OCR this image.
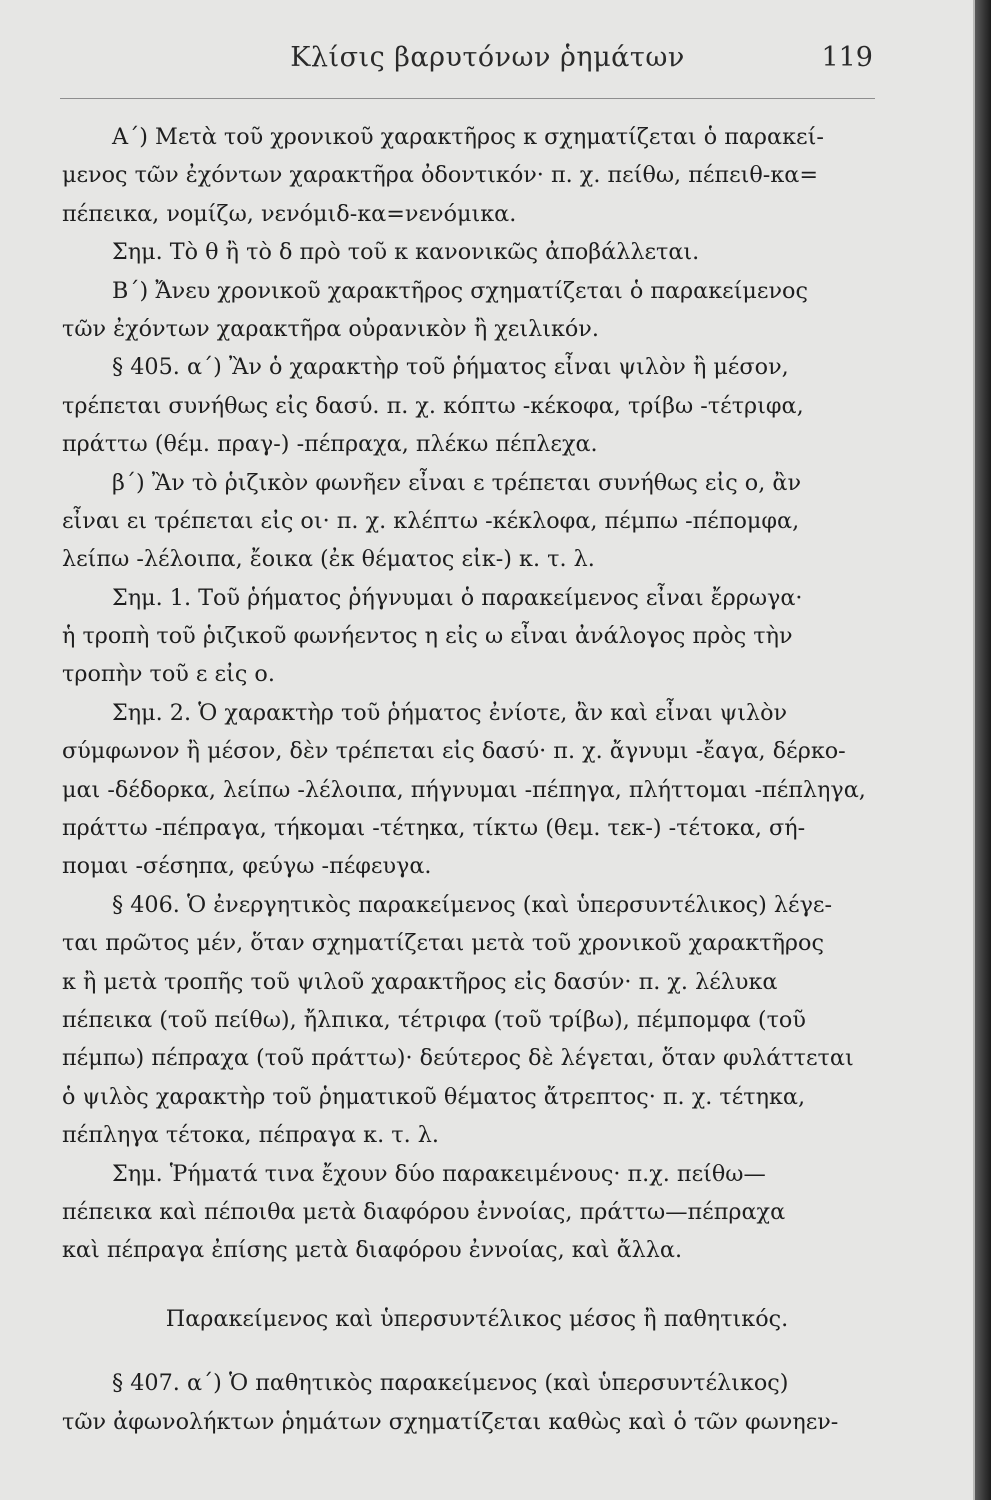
Κλίσις βαρυτόνων ῥημάτων	119
Α΄) Μετὰ τοῦ χρονικοῦ χαρακτῆρος κ σχηματίζεται ὁ παρακεί-
μενος τῶν ἐχόντων χαρακτῆρα ὀδοντικόν· π. χ. πείθω, πέπειθ-κα=
πέπεικα, νομίζω, νενόμιδ-κα=νενόμικα.
Σημ. Τὸ θ ἢ τὸ δ πρὸ τοῦ κ κανονικῶς ἀποβάλλεται.
Β΄) Ἄνευ χρονικοῦ χαρακτῆρος σχηματίζεται ὁ παρακείμενος
τῶν ἐχόντων χαρακτῆρα οὐρανικὸν ἢ χειλικόν.
§ 405. α΄) Ἂν ὁ χαρακτὴρ τοῦ ῥήματος εἶναι ψιλὸν ἢ μέσον,
τρέπεται συνήθως εἰς δασύ. π. χ. κόπτω -κέκοφα, τρίβω -τέτριφα,
πράττω (θέμ. πραγ-) -πέπραχα, πλέκω πέπλεχα.
β΄) Ἂν τὸ ῥιζικὸν φωνῆεν εἶναι ε τρέπεται συνήθως εἰς ο, ἂν
εἶναι ει τρέπεται εἰς οι· π. χ. κλέπτω -κέκλοφα, πέμπω -πέπομφα,
λείπω -λέλοιπα, ἔοικα (ἐκ θέματος εἰκ-) κ. τ. λ.
Σημ. 1. Τοῦ ῥήματος ῥήγνυμαι ὁ παρακείμενος εἶναι ἔρρωγα·
ἡ τροπὴ τοῦ ῥιζικοῦ φωνήεντος η εἰς ω εἶναι ἀνάλογος πρὸς τὴν
τροπὴν τοῦ ε εἰς ο.
Σημ. 2. Ὁ χαρακτὴρ τοῦ ῥήματος ἐνίοτε, ἂν καὶ εἶναι ψιλὸν
σύμφωνον ἢ μέσον, δὲν τρέπεται εἰς δασύ· π. χ. ἄγνυμι -ἔαγα, δέρκο-
μαι -δέδορκα, λείπω -λέλοιπα, πήγνυμαι -πέπηγα, πλήττομαι -πέπληγα,
πράττω -πέπραγα, τήκομαι -τέτηκα, τίκτω (θεμ. τεκ-) -τέτοκα, σή-
πομαι -σέσηπα, φεύγω -πέφευγα.
§ 406. Ὁ ἐνεργητικὸς παρακείμενος (καὶ ὑπερσυντέλικος) λέγε-
ται πρῶτος μέν, ὅταν σχηματίζεται μετὰ τοῦ χρονικοῦ χαρακτῆρος
κ ἢ μετὰ τροπῆς τοῦ ψιλοῦ χαρακτῆρος εἰς δασύν· π. χ. λέλυκα
πέπεικα (τοῦ πείθω), ἤλπικα, τέτριφα (τοῦ τρίβω), πέμπομφα (τοῦ
πέμπω) πέπραχα (τοῦ πράττω)· δεύτερος δὲ λέγεται, ὅταν φυλάττεται
ὁ ψιλὸς χαρακτὴρ τοῦ ῥηματικοῦ θέματος ἄτρεπτος· π. χ. τέτηκα,
πέπληγα τέτοκα, πέπραγα κ. τ. λ.
Σημ. Ῥήματά τινα ἔχουν δύο παρακειμένους· π.χ. πείθω—
πέπεικα καὶ πέποιθα μετὰ διαφόρου ἐννοίας, πράττω—πέπραχα
καὶ πέπραγα ἐπίσης μετὰ διαφόρου ἐννοίας, καὶ ἄλλα.
Παρακείμενος καὶ ὑπερσυντέλικος μέσος ἢ παθητικός.
§ 407. α΄) Ὁ παθητικὸς παρακείμενος (καὶ ὑπερσυντέλικος)
τῶν ἀφωνολήκτων ῥημάτων σχηματίζεται καθὼς καὶ ὁ τῶν φωνηεν-
